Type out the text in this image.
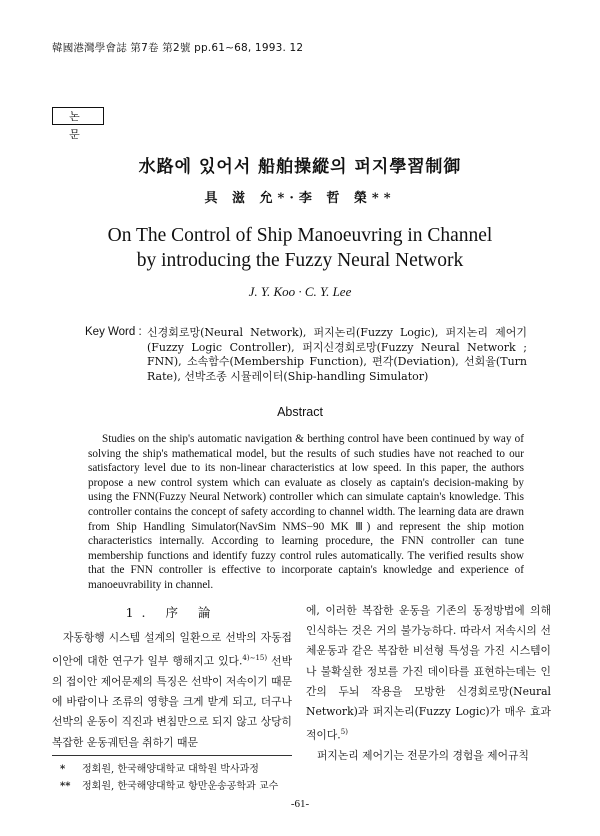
韓國港灣學會誌 第7卷 第2號 pp.61∼68, 1993. 12
논문
水路에 있어서 船舶操縱의 퍼지學習制御
具 滋 允*·李 哲 榮**
On The Control of Ship Manoeuvring in Channel
by introducing the Fuzzy Neural Network
J. Y. Koo · C. Y. Lee
Key Word : 신경회로망(Neural Network), 퍼지논리(Fuzzy Logic), 퍼지논리 제어기(Fuzzy Logic Controller), 퍼지신경회로망(Fuzzy Neural Network ; FNN), 소속함수(Membership Function), 편각(Deviation), 선회율(Turn Rate), 선박조종 시뮬레이터(Ship-handling Simulator)
Abstract

Studies on the ship's automatic navigation & berthing control have been continued by way of solving the ship's mathematical model, but the results of such studies have not reached to our satisfactory level due to its non-linear characteristics at low speed. In this paper, the authors propose a new control system which can evaluate as closely as captain's decision-making by using the FNN(Fuzzy Neural Network) controller which can simulate captain's knowledge. This controller contains the concept of safety according to channel width. The learning data are drawn from Ship Handling Simulator(NavSim NMS−90 MK Ⅲ) and represent the ship motion characteristics internally. According to learning procedure, the FNN controller can tune membership functions and identify fuzzy control rules automatically. The verified results show that the FNN controller is effective to incorporate captain's knowledge and experience of manoeuvrability in channel.

1. 序 論

자동항행 시스템 설계의 일환으로 선박의 자동접이안에 대한 연구가 일부 행해지고 있다.$^{4)\sim 15)}$ 선박의 접이안 제어문제의 특징은 선박이 저속이기 때문에 바람이나 조류의 영향을 크게 받게 되고, 더구나 선박의 운동이 직진과 변침만으로 되지 않고 상당히 복잡한 운동궤턴을 취하기 때문

에, 이러한 복잡한 운동을 기존의 동정방법에 의해 인식하는 것은 거의 불가능하다. 따라서 저속시의 선체운동과 같은 복잡한 비선형 특성을 가진 시스템이나 불확실한 정보를 가진 데이타를 표현하는데는 인간의 두뇌 작용을 모방한 신경회로망(Neural Network)과 퍼지논리(Fuzzy Logic)가 매우 효과적이다.$^{5)}$

퍼지논리 제어기는 전문가의 경험을 제어규칙

* 정회원, 한국해양대학교 대학원 박사과정
** 정회원, 한국해양대학교 항만운송공학과 교수
-61-
